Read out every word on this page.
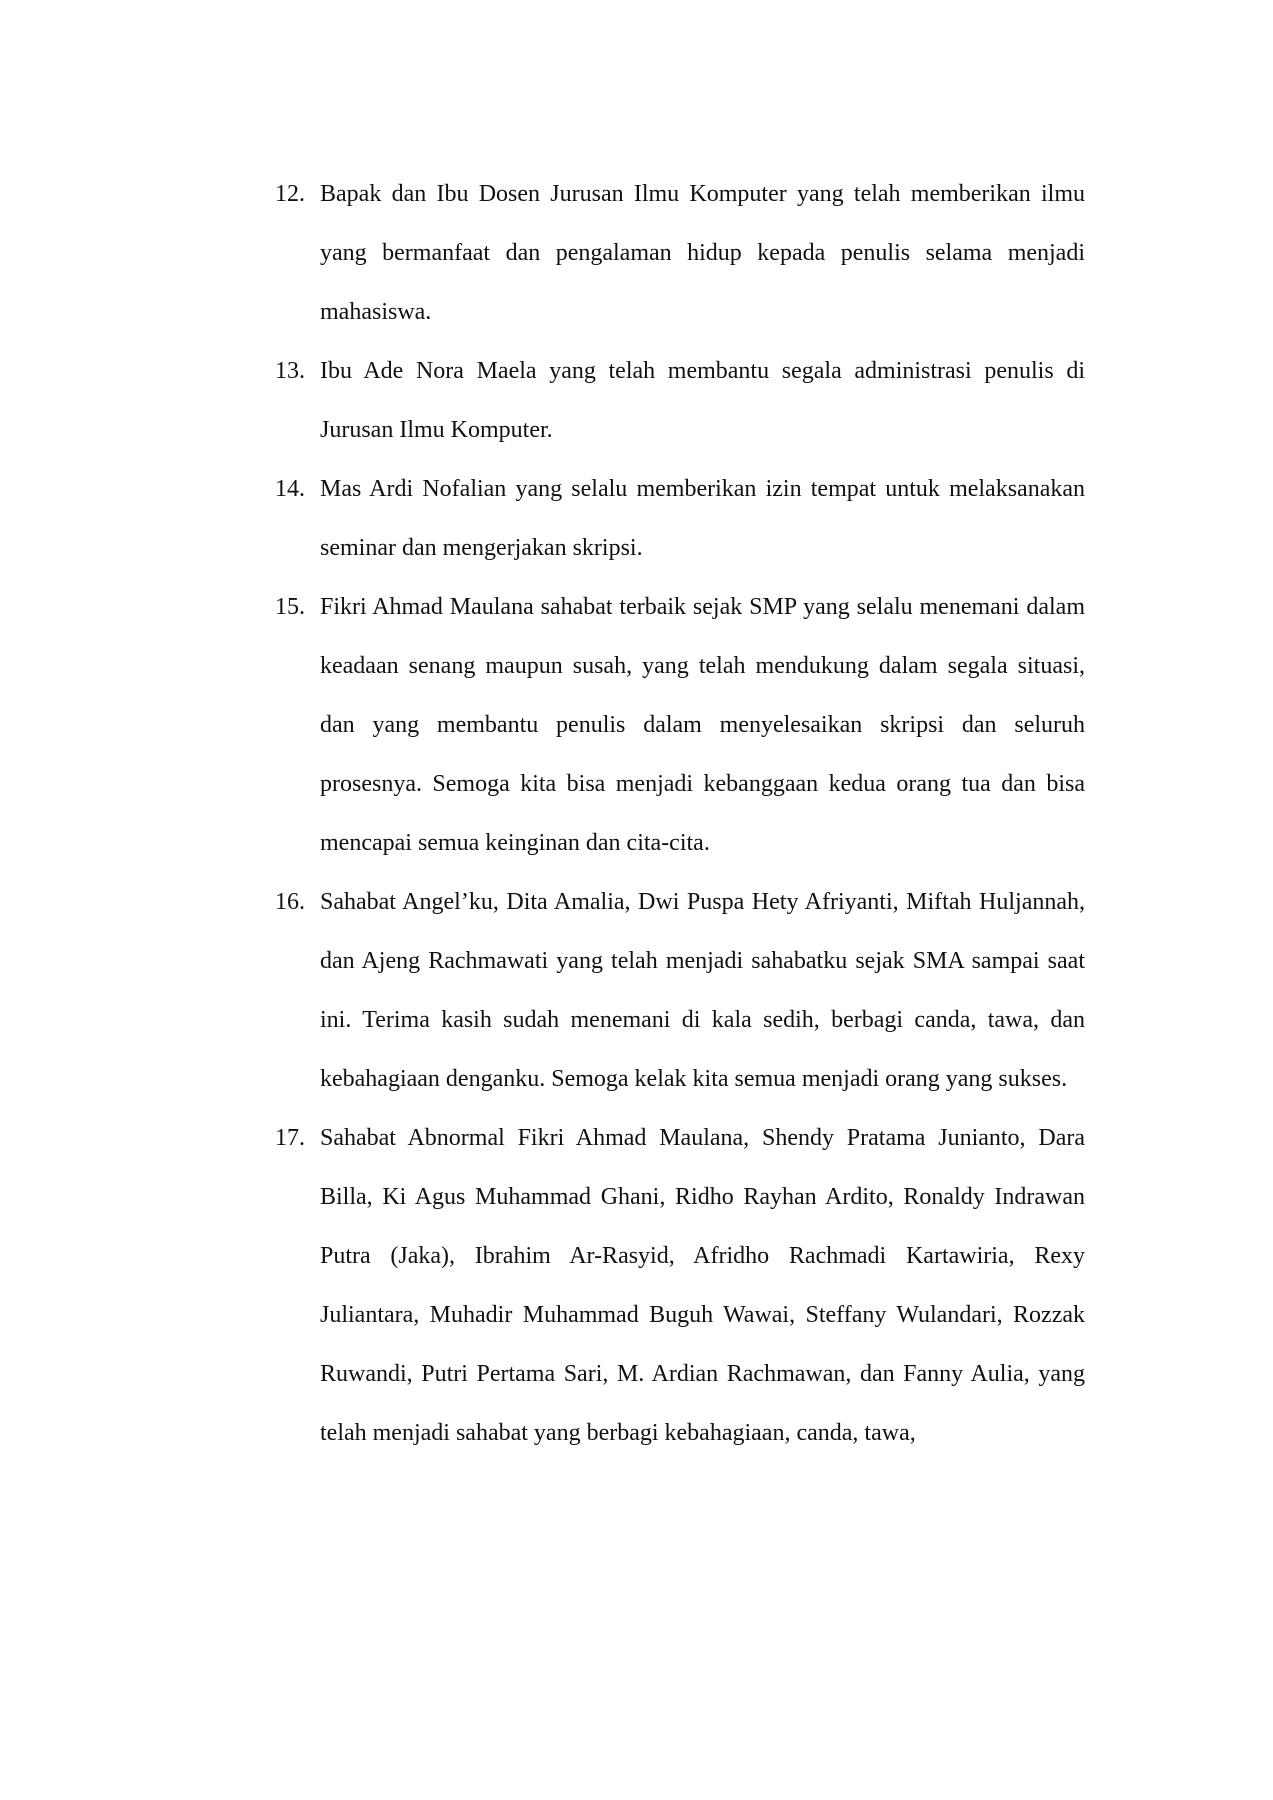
12. Bapak dan Ibu Dosen Jurusan Ilmu Komputer yang telah memberikan ilmu yang bermanfaat dan pengalaman hidup kepada penulis selama menjadi mahasiswa.

13. Ibu Ade Nora Maela yang telah membantu segala administrasi penulis di Jurusan Ilmu Komputer.

14. Mas Ardi Nofalian yang selalu memberikan izin tempat untuk melaksanakan seminar dan mengerjakan skripsi.

15. Fikri Ahmad Maulana sahabat terbaik sejak SMP yang selalu menemani dalam keadaan senang maupun susah, yang telah mendukung dalam segala situasi, dan yang membantu penulis dalam menyelesaikan skripsi dan seluruh prosesnya. Semoga kita bisa menjadi kebanggaan kedua orang tua dan bisa mencapai semua keinginan dan cita-cita.

16. Sahabat Angel’ku, Dita Amalia, Dwi Puspa Hety Afriyanti, Miftah Huljannah, dan Ajeng Rachmawati yang telah menjadi sahabatku sejak SMA sampai saat ini. Terima kasih sudah menemani di kala sedih, berbagi canda, tawa, dan kebahagiaan denganku. Semoga kelak kita semua menjadi orang yang sukses.

17. Sahabat Abnormal Fikri Ahmad Maulana, Shendy Pratama Junianto, Dara Billa, Ki Agus Muhammad Ghani, Ridho Rayhan Ardito, Ronaldy Indrawan Putra (Jaka), Ibrahim Ar-Rasyid, Afridho Rachmadi Kartawiria, Rexy Juliantara, Muhadir Muhammad Buguh Wawai, Steffany Wulandari, Rozzak Ruwandi, Putri Pertama Sari, M. Ardian Rachmawan, dan Fanny Aulia, yang telah menjadi sahabat yang berbagi kebahagiaan, canda, tawa,
